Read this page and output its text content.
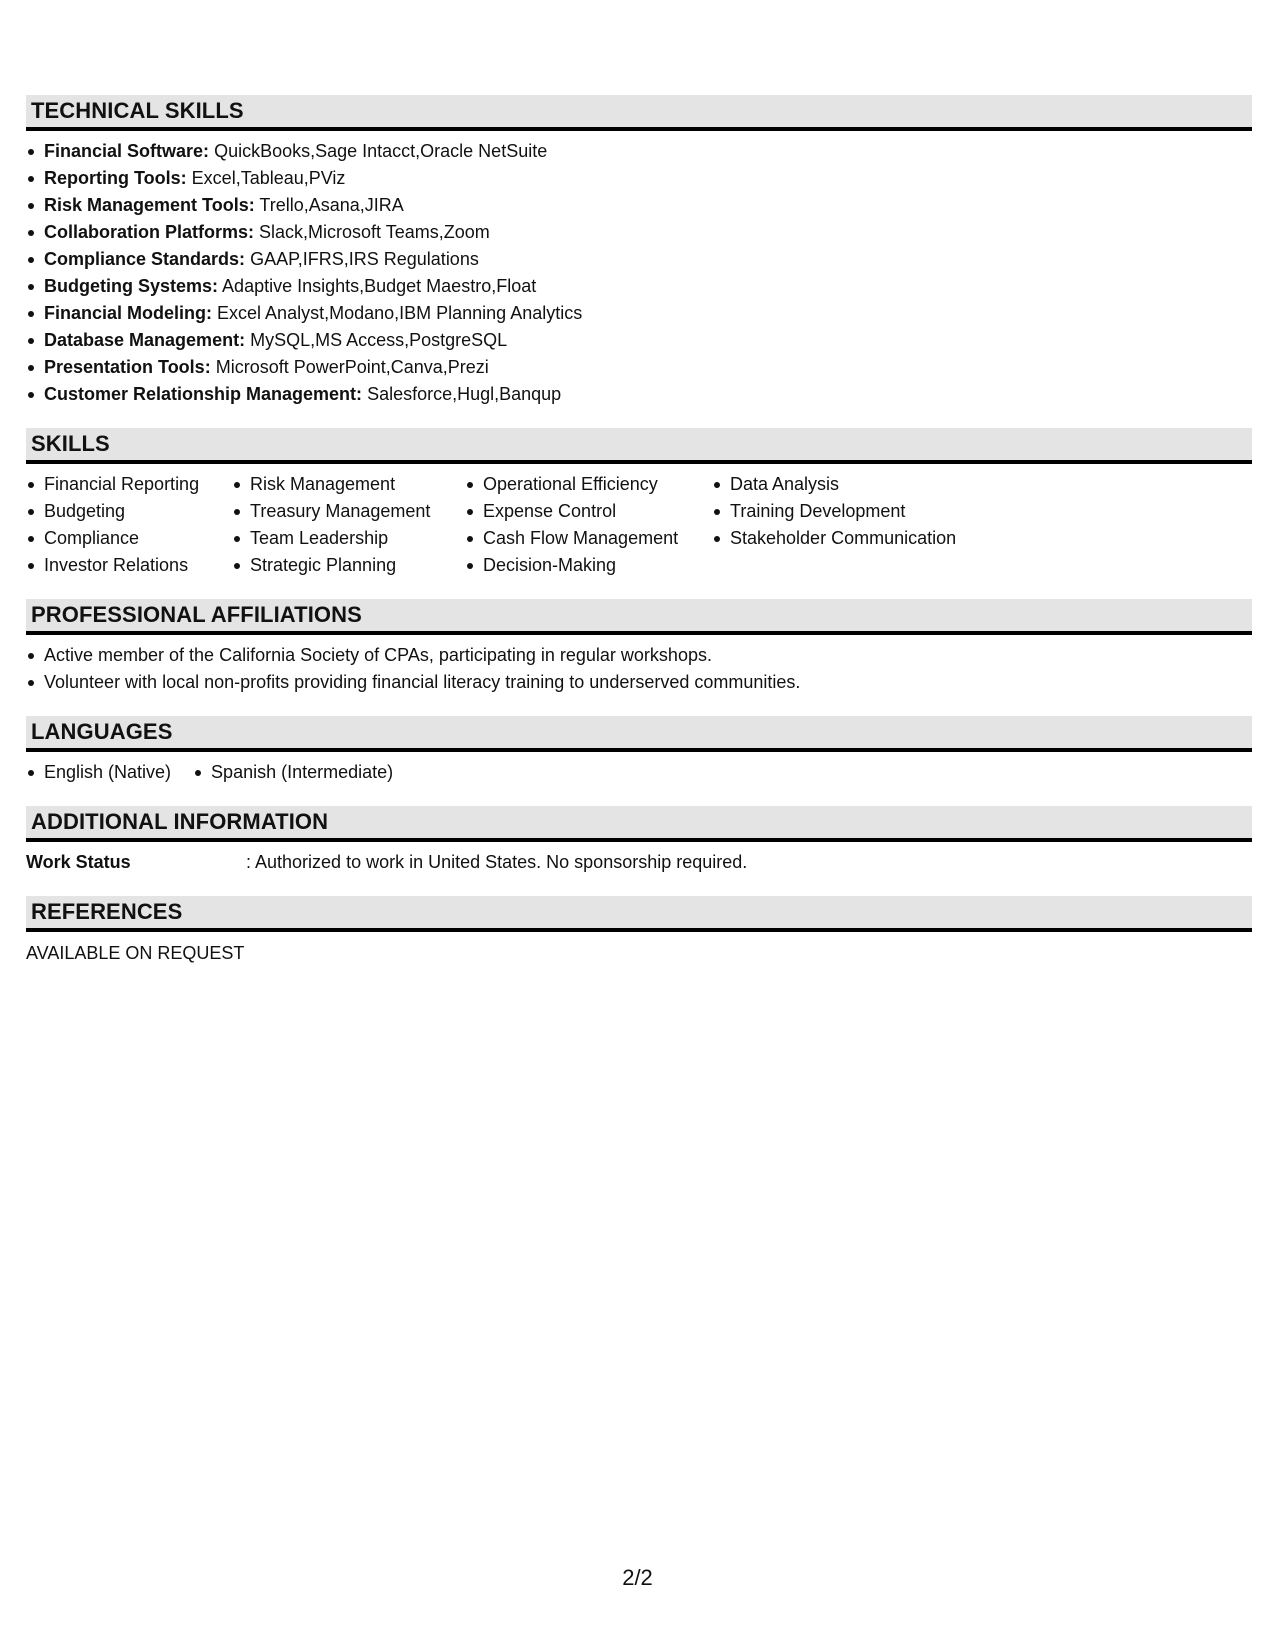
TECHNICAL SKILLS
Financial Software: QuickBooks,Sage Intacct,Oracle NetSuite
Reporting Tools: Excel,Tableau,PViz
Risk Management Tools: Trello,Asana,JIRA
Collaboration Platforms: Slack,Microsoft Teams,Zoom
Compliance Standards: GAAP,IFRS,IRS Regulations
Budgeting Systems: Adaptive Insights,Budget Maestro,Float
Financial Modeling: Excel Analyst,Modano,IBM Planning Analytics
Database Management: MySQL,MS Access,PostgreSQL
Presentation Tools: Microsoft PowerPoint,Canva,Prezi
Customer Relationship Management: Salesforce,Hugl,Banqup
SKILLS
Financial Reporting
Budgeting
Compliance
Investor Relations
Risk Management
Treasury Management
Team Leadership
Strategic Planning
Operational Efficiency
Expense Control
Cash Flow Management
Decision-Making
Data Analysis
Training Development
Stakeholder Communication
PROFESSIONAL AFFILIATIONS
Active member of the California Society of CPAs, participating in regular workshops.
Volunteer with local non-profits providing financial literacy training to underserved communities.
LANGUAGES
English (Native)	Spanish (Intermediate)
ADDITIONAL INFORMATION
Work Status	: Authorized to work in United States. No sponsorship required.
REFERENCES
AVAILABLE ON REQUEST
2/2
